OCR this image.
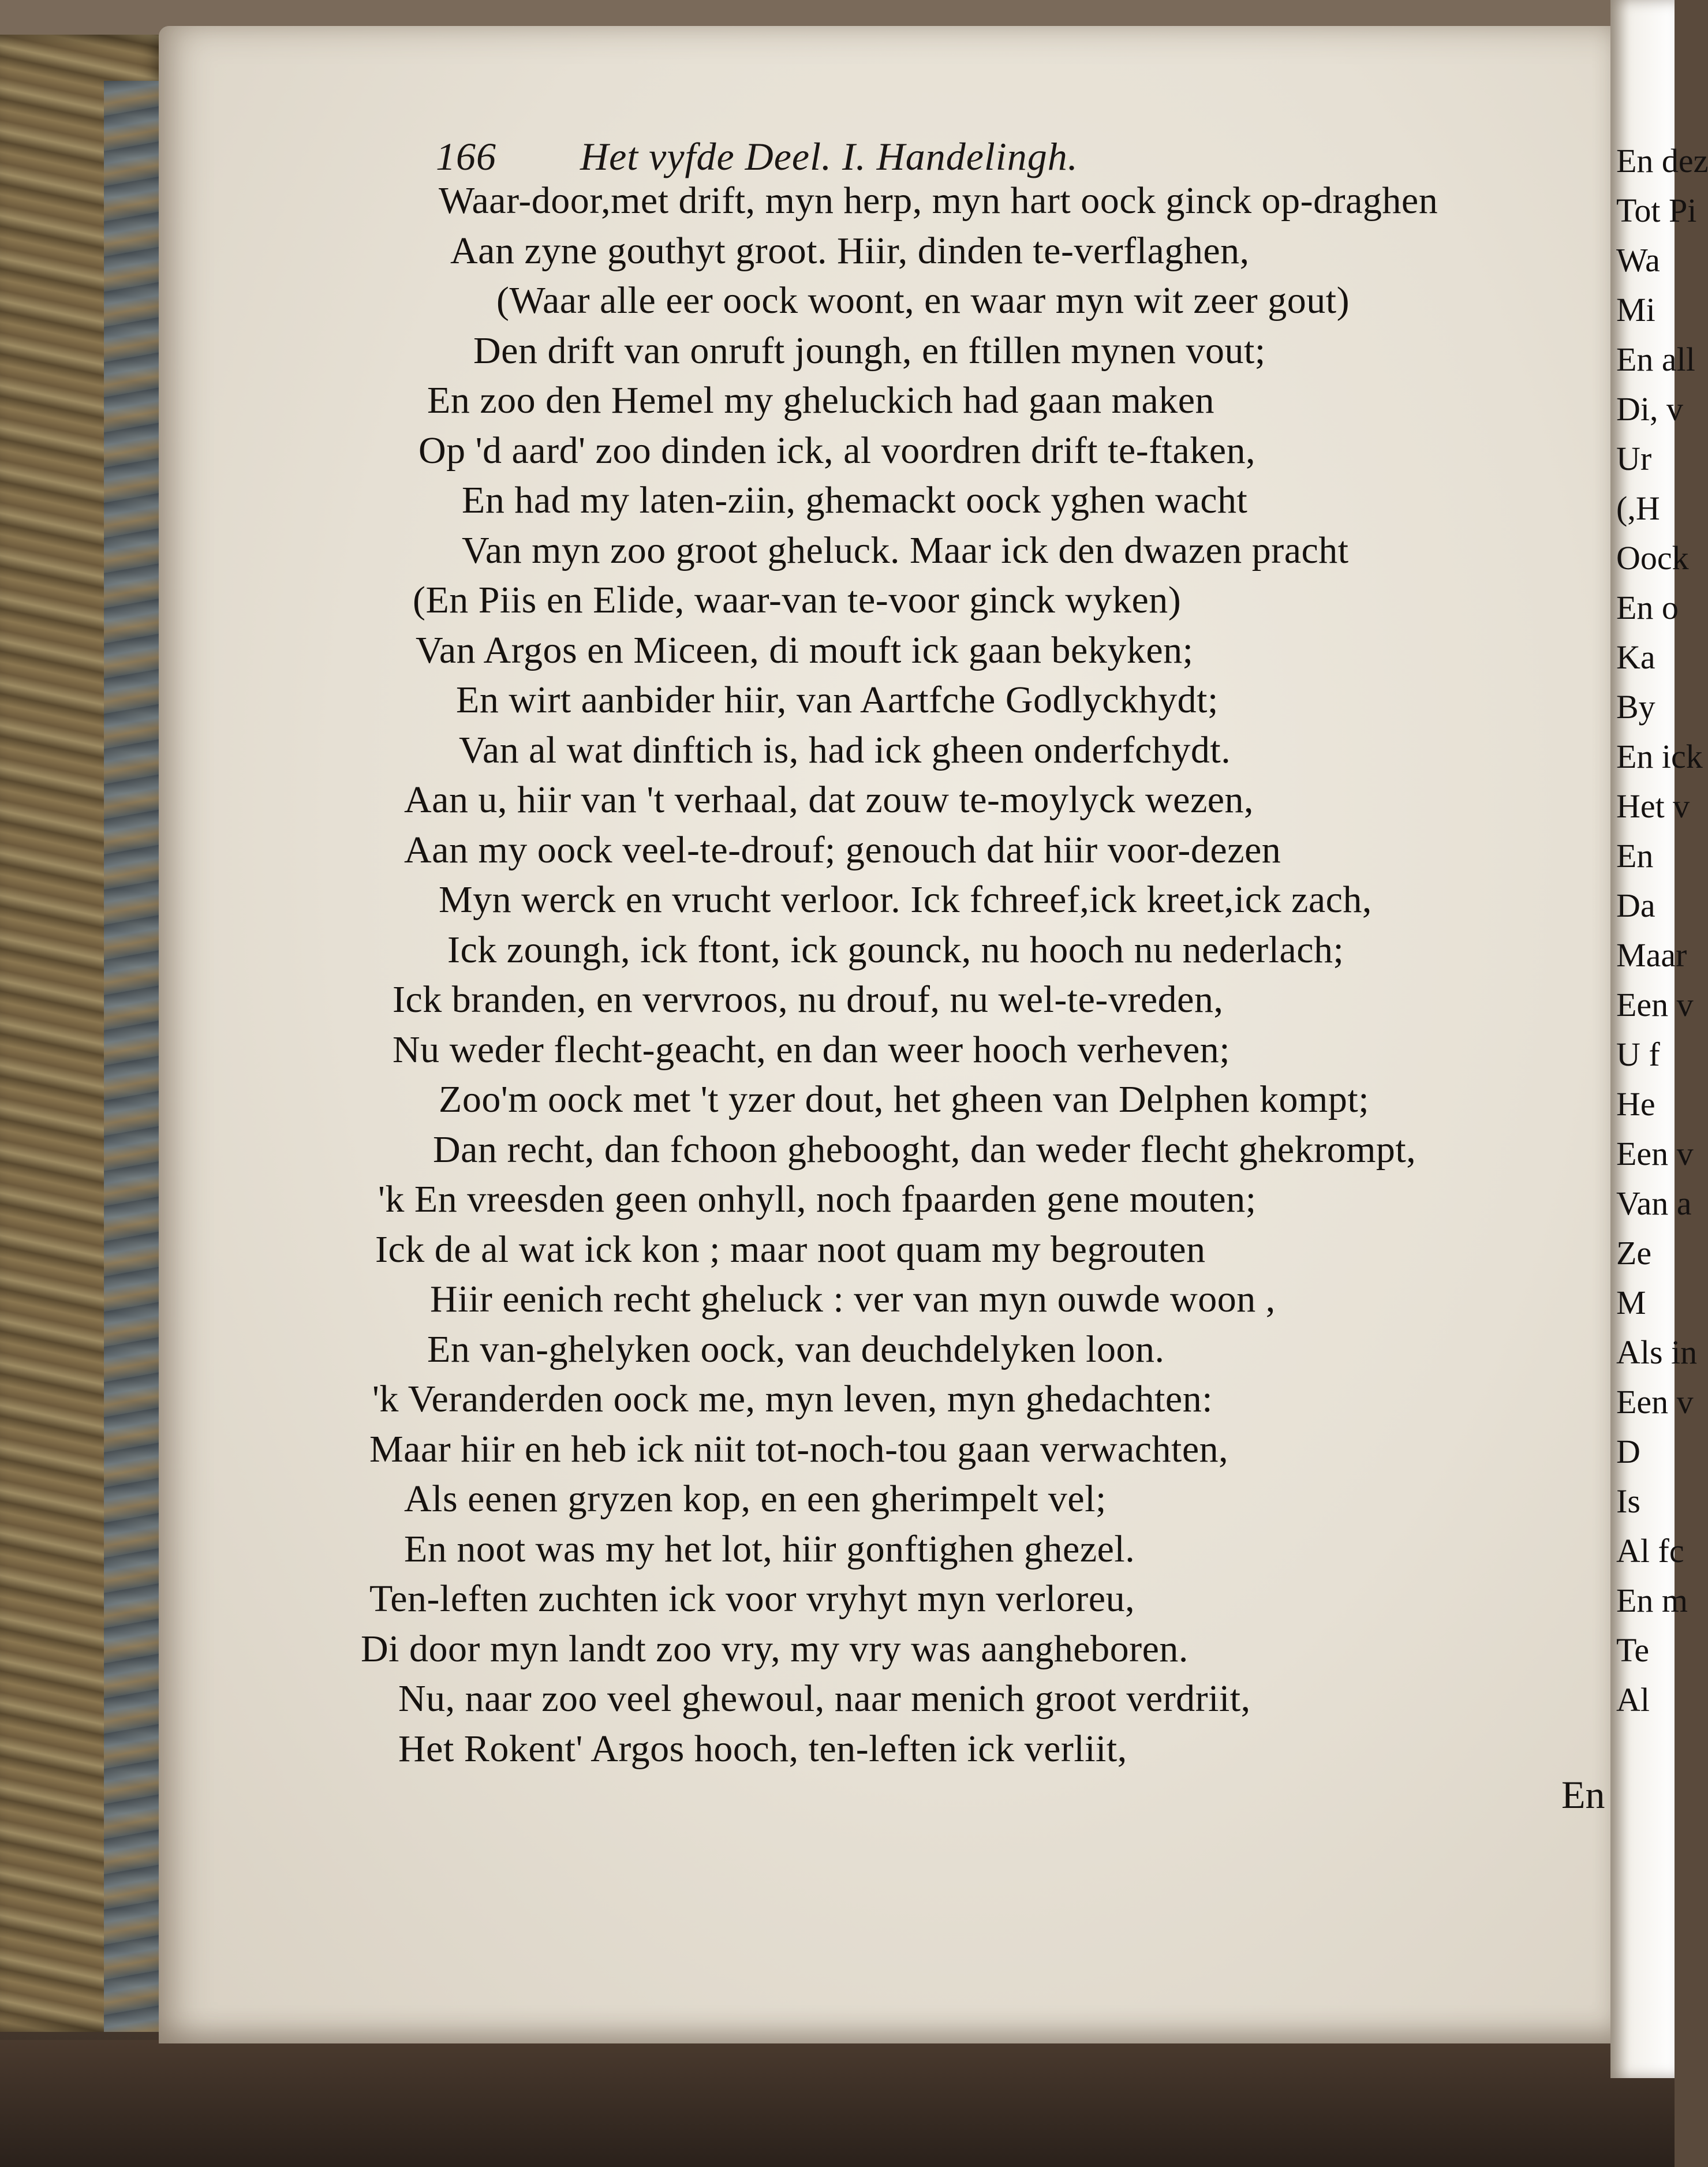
En dez
Tot Pi
Wa
Mi
En all
Di, v
Ur
(,H
Oock
En o
Ka
By
En ick
Het v
En
Da
Maar
Een v
U f
He
Een v
Van a
Ze
M
Als in
Een v
D
Is
Al fc
En m
Te
Al
166 Het vyfde Deel. I. Handelingh.
Waar-door,met drift, myn herp, myn hart oock ginck op-draghen
Aan zyne gouthyt groot. Hiir, dinden te-verflaghen,
(Waar alle eer oock woont, en waar myn wit zeer gout)
Den drift van onruft joungh, en ftillen mynen vout;
En zoo den Hemel my gheluckich had gaan maken
Op 'd aard' zoo dinden ick, al voordren drift te-ftaken,
En had my laten-ziin, ghemackt oock yghen wacht
Van myn zoo groot gheluck. Maar ick den dwazen pracht
(En Piis en Elide, waar-van te-voor ginck wyken)
Van Argos en Miceen, di mouft ick gaan bekyken;
En wirt aanbider hiir, van Aartfche Godlyckhydt;
Van al wat dinftich is, had ick gheen onderfchydt.
Aan u, hiir van 't verhaal, dat zouw te-moylyck wezen,
Aan my oock veel-te-drouf; genouch dat hiir voor-dezen
Myn werck en vrucht verloor. Ick fchreef,ick kreet,ick zach,
Ick zoungh, ick ftont, ick gounck, nu hooch nu nederlach;
Ick branden, en vervroos, nu drouf, nu wel-te-vreden,
Nu weder flecht-geacht, en dan weer hooch verheven;
Zoo'm oock met 't yzer dout, het gheen van Delphen kompt;
Dan recht, dan fchoon ghebooght, dan weder flecht ghekrompt,
'k En vreesden geen onhyll, noch fpaarden gene mouten;
Ick de al wat ick kon ; maar noot quam my begrouten
Hiir eenich recht gheluck : ver van myn ouwde woon ,
En van-ghelyken oock, van deuchdelyken loon.
'k Veranderden oock me, myn leven, myn ghedachten:
Maar hiir en heb ick niit tot-noch-tou gaan verwachten,
Als eenen gryzen kop, en een gherimpelt vel;
En noot was my het lot, hiir gonftighen ghezel.
Ten-leften zuchten ick voor vryhyt myn verloreu,
Di door myn landt zoo vry, my vry was aangheboren.
Nu, naar zoo veel ghewoul, naar menich groot verdriit,
Het Rokent' Argos hooch, ten-leften ick verliit,
En
